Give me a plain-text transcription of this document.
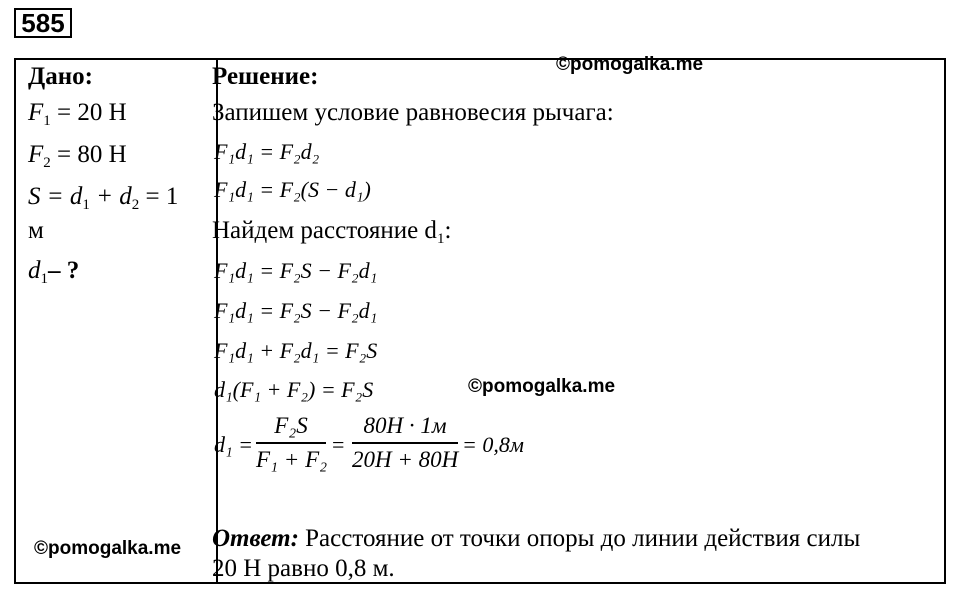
585
Дано:
$F_1 = 20$ Н
$F_2 = 80$ Н
$S = d_1 + d_2 = 1$
м
$d_1-$ ?
©pomogalka.me
Решение:	©pomogalka.me
Запишем условие равновесия рычага:
F₁d₁ = F₂d₂
F₁d₁ = F₂(S − d₁)
Найдем расстояние $d_1$:
F₁d₁ = F₂S − F₂d₁
F₁d₁ = F₂S − F₂d₁
F₁d₁ + F₂d₁ = F₂S
d₁(F₁ + F₂) = F₂S	©pomogalka.me
d₁ =
F₂S
F₁ + F₂
=
80H · 1м
20H + 80H
= 0,8м
Ответ: Расстояние от точки опоры до линии действия силы
20 Н равно 0,8 м.
